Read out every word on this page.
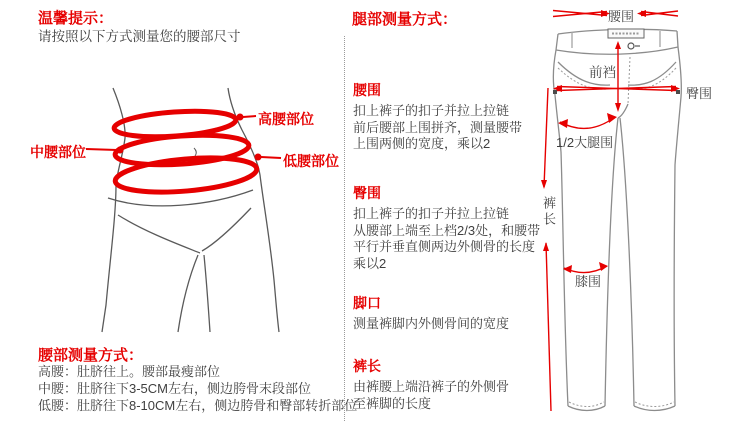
温馨提示：
请按照以下方式测量您的腰部尺寸
高腰部位
中腰部位
低腰部位
腰部测量方式：
高腰：肚脐往上。腰部最瘦部位
中腰：肚脐往下3-5CM左右，侧边胯骨末段部位
低腰：肚脐往下8-10CM左右，侧边胯骨和臀部转折部位
腿部测量方式：
腰围
扣上裤子的扣子并拉上拉链
前后腰部上围拼齐，测量腰带
上围两侧的宽度，乘以2
臀围
扣上裤子的扣子并拉上拉链
从腰部上端至上档2/3处，和腰带
平行并垂直侧两边外侧骨的长度
乘以2
脚口
测量裤脚内外侧骨间的宽度
裤长
由裤腰上端沿裤子的外侧骨
至裤脚的长度
腰围
前裆
臀围
1/2大腿围
膝围
裤长
